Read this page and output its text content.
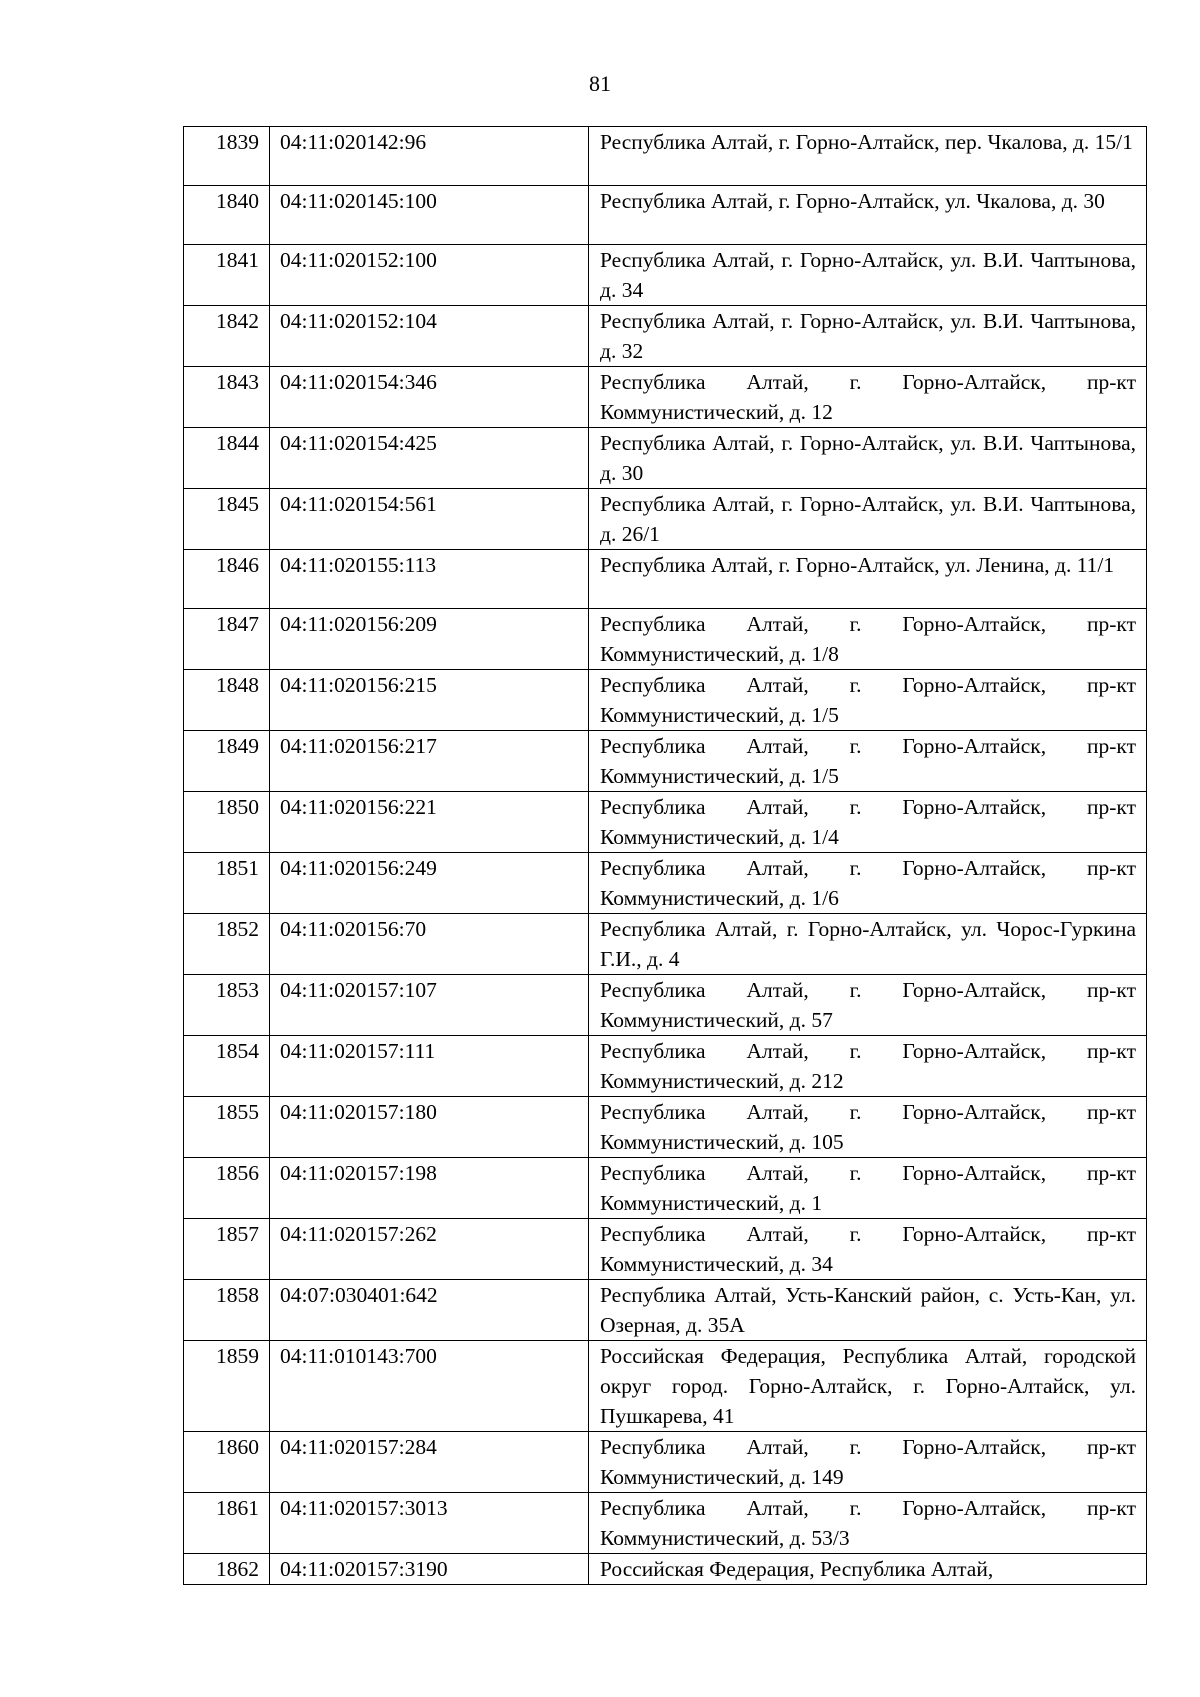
81
1839	04:11:020142:96	Республика Алтай, г. Горно-Алтайск, пер. Чкалова, д. 15/1
1840	04:11:020145:100	Республика Алтай, г. Горно-Алтайск, ул. Чкалова, д. 30
1841	04:11:020152:100	Республика Алтай, г. Горно-Алтайск, ул. В.И. Чаптынова, д. 34
1842	04:11:020152:104	Республика Алтай, г. Горно-Алтайск, ул. В.И. Чаптынова, д. 32
1843	04:11:020154:346	Республика Алтай, г. Горно-Алтайск, пр-кт Коммунистический, д. 12
1844	04:11:020154:425	Республика Алтай, г. Горно-Алтайск, ул. В.И. Чаптынова, д. 30
1845	04:11:020154:561	Республика Алтай, г. Горно-Алтайск, ул. В.И. Чаптынова, д. 26/1
1846	04:11:020155:113	Республика Алтай, г. Горно-Алтайск, ул. Ленина, д. 11/1
1847	04:11:020156:209	Республика Алтай, г. Горно-Алтайск, пр-кт Коммунистический, д. 1/8
1848	04:11:020156:215	Республика Алтай, г. Горно-Алтайск, пр-кт Коммунистический, д. 1/5
1849	04:11:020156:217	Республика Алтай, г. Горно-Алтайск, пр-кт Коммунистический, д. 1/5
1850	04:11:020156:221	Республика Алтай, г. Горно-Алтайск, пр-кт Коммунистический, д. 1/4
1851	04:11:020156:249	Республика Алтай, г. Горно-Алтайск, пр-кт Коммунистический, д. 1/6
1852	04:11:020156:70	Республика Алтай, г. Горно-Алтайск, ул. Чорос-Гуркина Г.И., д. 4
1853	04:11:020157:107	Республика Алтай, г. Горно-Алтайск, пр-кт Коммунистический, д. 57
1854	04:11:020157:111	Республика Алтай, г. Горно-Алтайск, пр-кт Коммунистический, д. 212
1855	04:11:020157:180	Республика Алтай, г. Горно-Алтайск, пр-кт Коммунистический, д. 105
1856	04:11:020157:198	Республика Алтай, г. Горно-Алтайск, пр-кт Коммунистический, д. 1
1857	04:11:020157:262	Республика Алтай, г. Горно-Алтайск, пр-кт Коммунистический, д. 34
1858	04:07:030401:642	Республика Алтай, Усть-Канский район, с. Усть-Кан, ул. Озерная, д. 35А
1859	04:11:010143:700	Российская Федерация, Республика Алтай, городской округ город. Горно-Алтайск, г. Горно-Алтайск, ул. Пушкарева, 41
1860	04:11:020157:284	Республика Алтай, г. Горно-Алтайск, пр-кт Коммунистический, д. 149
1861	04:11:020157:3013	Республика Алтай, г. Горно-Алтайск, пр-кт Коммунистический, д. 53/3
1862	04:11:020157:3190	Российская Федерация, Республика Алтай,
